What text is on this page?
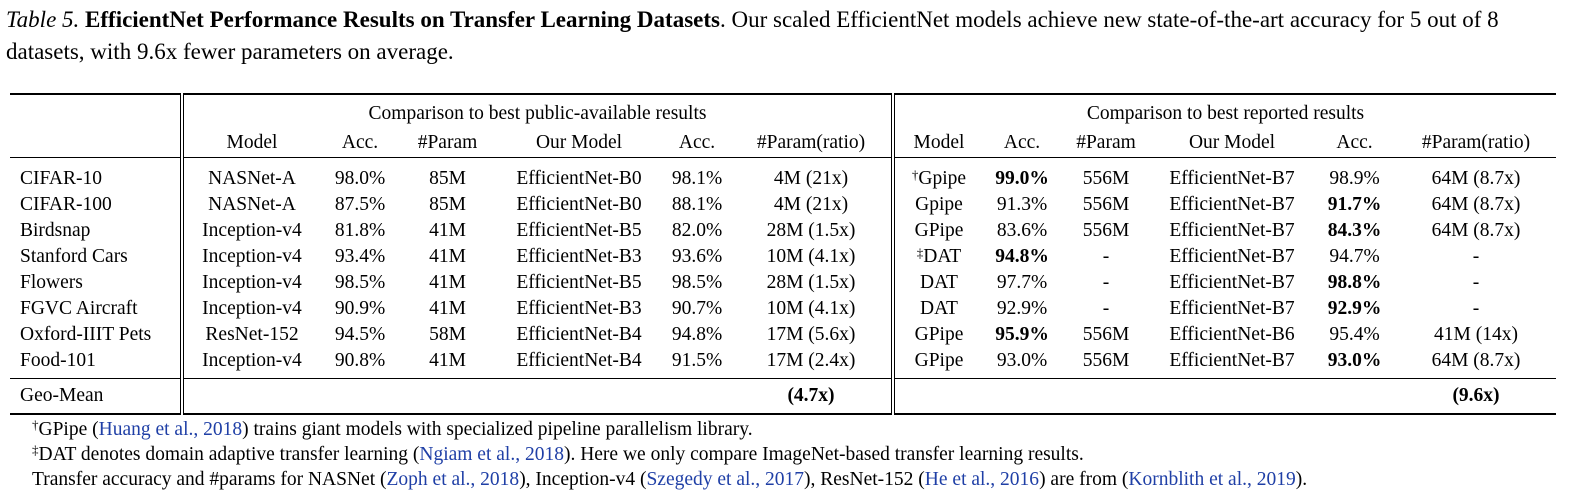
Table 5. EfficientNet Performance Results on Transfer Learning Datasets. Our scaled EfficientNet models achieve new state-of-the-art accuracy for 5 out of 8 datasets, with 9.6x fewer parameters on average.

	Comparison to best public-available results						Comparison to best reported results					
	Model	Acc.	#Param	Our Model	Acc.	#Param(ratio)	Model	Acc.	#Param	Our Model	Acc.	#Param(ratio)
CIFAR-10	NASNet-A	98.0%	85M	EfficientNet-B0	98.1%	4M (21x)	†Gpipe	99.0%	556M	EfficientNet-B7	98.9%	64M (8.7x)
CIFAR-100	NASNet-A	87.5%	85M	EfficientNet-B0	88.1%	4M (21x)	Gpipe	91.3%	556M	EfficientNet-B7	91.7%	64M (8.7x)
Birdsnap	Inception-v4	81.8%	41M	EfficientNet-B5	82.0%	28M (1.5x)	GPipe	83.6%	556M	EfficientNet-B7	84.3%	64M (8.7x)
Stanford Cars	Inception-v4	93.4%	41M	EfficientNet-B3	93.6%	10M (4.1x)	‡DAT	94.8%	-	EfficientNet-B7	94.7%	-
Flowers	Inception-v4	98.5%	41M	EfficientNet-B5	98.5%	28M (1.5x)	DAT	97.7%	-	EfficientNet-B7	98.8%	-
FGVC Aircraft	Inception-v4	90.9%	41M	EfficientNet-B3	90.7%	10M (4.1x)	DAT	92.9%	-	EfficientNet-B7	92.9%	-
Oxford-IIIT Pets	ResNet-152	94.5%	58M	EfficientNet-B4	94.8%	17M (5.6x)	GPipe	95.9%	556M	EfficientNet-B6	95.4%	41M (14x)
Food-101	Inception-v4	90.8%	41M	EfficientNet-B4	91.5%	17M (2.4x)	GPipe	93.0%	556M	EfficientNet-B7	93.0%	64M (8.7x)

Geo-Mean						(4.7x)						(9.6x)
†GPipe (Huang et al., 2018) trains giant models with specialized pipeline parallelism library.
‡DAT denotes domain adaptive transfer learning (Ngiam et al., 2018). Here we only compare ImageNet-based transfer learning results.
Transfer accuracy and #params for NASNet (Zoph et al., 2018), Inception-v4 (Szegedy et al., 2017), ResNet-152 (He et al., 2016) are from (Kornblith et al., 2019).
